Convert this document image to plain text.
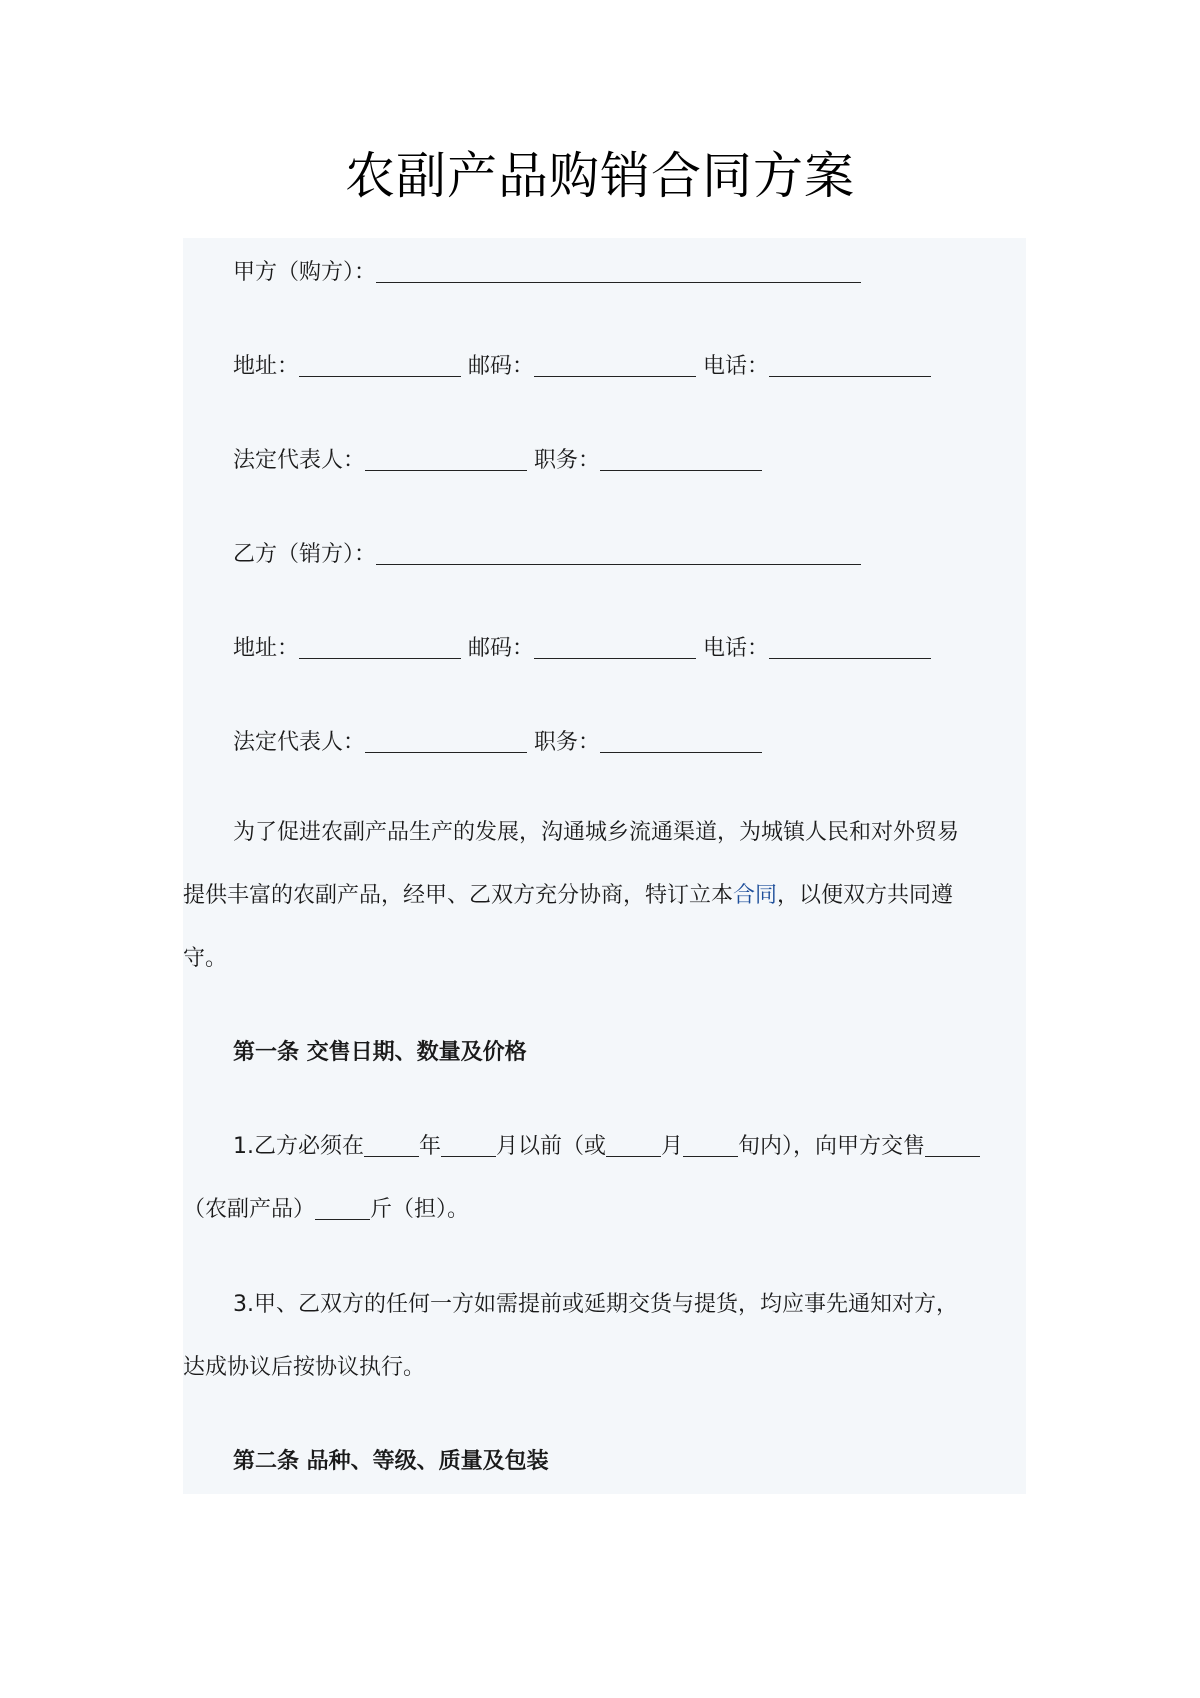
农副产品购销合同方案
甲方（购方）：
地址：	邮码：	电话：
法定代表人：	职务：
乙方（销方）：
地址：	邮码：	电话：
法定代表人：	职务：
为了促进农副产品生产的发展，沟通城乡流通渠道，为城镇人民和对外贸易
提供丰富的农副产品，经甲、乙双方充分协商，特订立本合同，以便双方共同遵
守。
第一条 交售日期、数量及价格
1.乙方必须在	年	月以前（或	月	旬内），向甲方交售
（农副产品）	斤（担）。
3.甲、乙双方的任何一方如需提前或延期交货与提货，均应事先通知对方，
达成协议后按协议执行。
第二条 品种、等级、质量及包装
